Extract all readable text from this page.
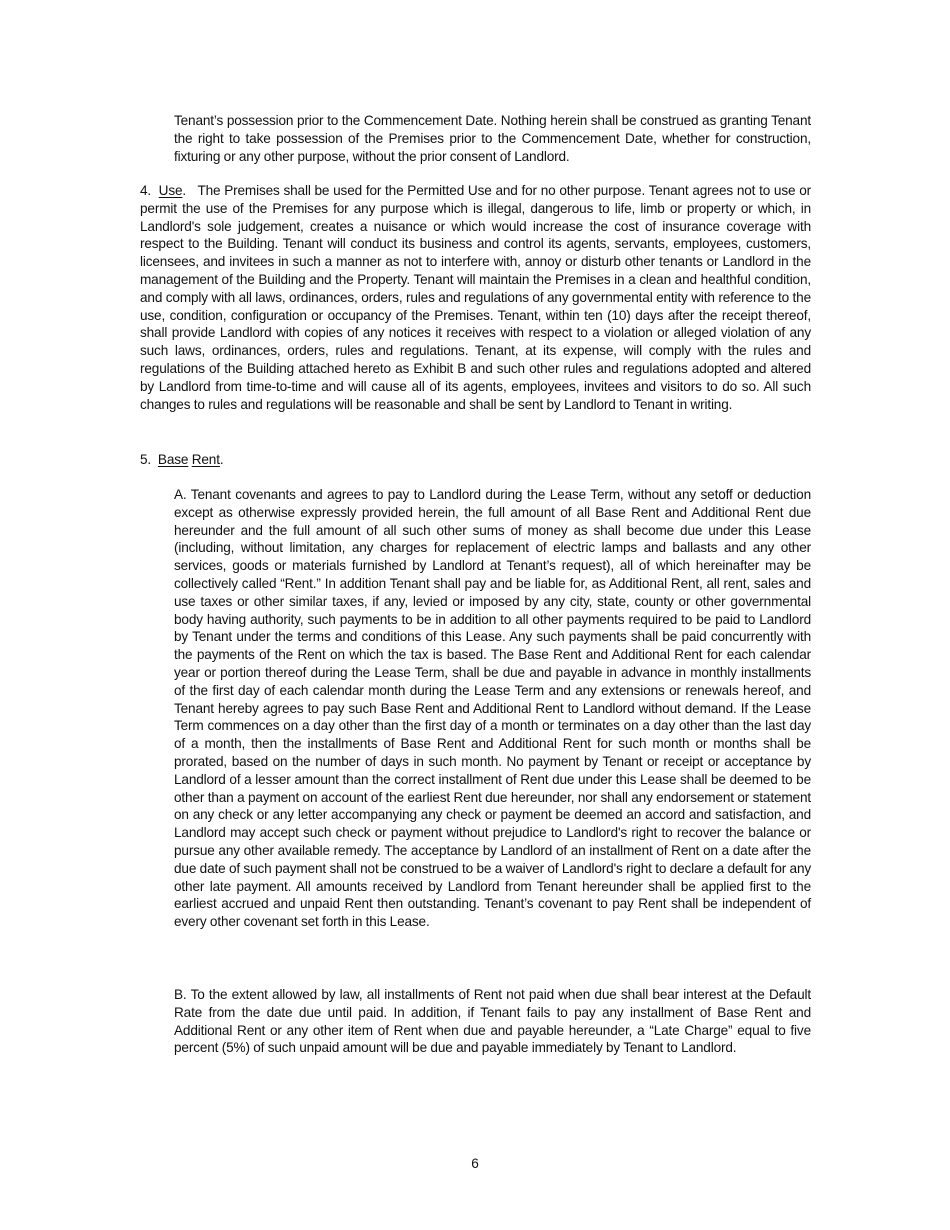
Tenant’s possession prior to the Commencement Date. Nothing herein shall be construed as granting Tenant the right to take possession of the Premises prior to the Commencement Date, whether for construction, fixturing or any other purpose, without the prior consent of Landlord.

4. Use.   The Premises shall be used for the Permitted Use and for no other purpose. Tenant agrees not to use or permit the use of the Premises for any purpose which is illegal, dangerous to life, limb or property or which, in Landlord's sole judgement, creates a nuisance or which would increase the cost of insurance coverage with respect to the Building. Tenant will conduct its business and control its agents, servants, employees, customers, licensees, and invitees in such a manner as not to interfere with, annoy or disturb other tenants or Landlord in the management of the Building and the Property. Tenant will maintain the Premises in a clean and healthful condition, and comply with all laws, ordinances, orders, rules and regulations of any governmental entity with reference to the use, condition, configuration or occupancy of the Premises. Tenant, within ten (10) days after the receipt thereof, shall provide Landlord with copies of any notices it receives with respect to a violation or alleged violation of any such laws, ordinances, orders, rules and regulations. Tenant, at its expense, will comply with the rules and regulations of the Building attached hereto as Exhibit B and such other rules and regulations adopted and altered by Landlord from time-to-time and will cause all of its agents, employees, invitees and visitors to do so. All such changes to rules and regulations will be reasonable and shall be sent by Landlord to Tenant in writing.

5. Base Rent.

A. Tenant covenants and agrees to pay to Landlord during the Lease Term, without any setoff or deduction except as otherwise expressly provided herein, the full amount of all Base Rent and Additional Rent due hereunder and the full amount of all such other sums of money as shall become due under this Lease (including, without limitation, any charges for replacement of electric lamps and ballasts and any other services, goods or materials furnished by Landlord at Tenant’s request), all of which hereinafter may be collectively called “Rent.” In addition Tenant shall pay and be liable for, as Additional Rent, all rent, sales and use taxes or other similar taxes, if any, levied or imposed by any city, state, county or other governmental body having authority, such payments to be in addition to all other payments required to be paid to Landlord by Tenant under the terms and conditions of this Lease. Any such payments shall be paid concurrently with the payments of the Rent on which the tax is based. The Base Rent and Additional Rent for each calendar year or portion thereof during the Lease Term, shall be due and payable in advance in monthly installments of the first day of each calendar month during the Lease Term and any extensions or renewals hereof, and Tenant hereby agrees to pay such Base Rent and Additional Rent to Landlord without demand. If the Lease Term commences on a day other than the first day of a month or terminates on a day other than the last day of a month, then the installments of Base Rent and Additional Rent for such month or months shall be prorated, based on the number of days in such month. No payment by Tenant or receipt or acceptance by Landlord of a lesser amount than the correct installment of Rent due under this Lease shall be deemed to be other than a payment on account of the earliest Rent due hereunder, nor shall any endorsement or statement on any check or any letter accompanying any check or payment be deemed an accord and satisfaction, and Landlord may accept such check or payment without prejudice to Landlord's right to recover the balance or pursue any other available remedy. The acceptance by Landlord of an installment of Rent on a date after the due date of such payment shall not be construed to be a waiver of Landlord's right to declare a default for any other late payment. All amounts received by Landlord from Tenant hereunder shall be applied first to the earliest accrued and unpaid Rent then outstanding. Tenant’s covenant to pay Rent shall be independent of every other covenant set forth in this Lease.

B. To the extent allowed by law, all installments of Rent not paid when due shall bear interest at the Default Rate from the date due until paid. In addition, if Tenant fails to pay any installment of Base Rent and Additional Rent or any other item of Rent when due and payable hereunder, a “Late Charge” equal to five percent (5%) of such unpaid amount will be due and payable immediately by Tenant to Landlord.

6
